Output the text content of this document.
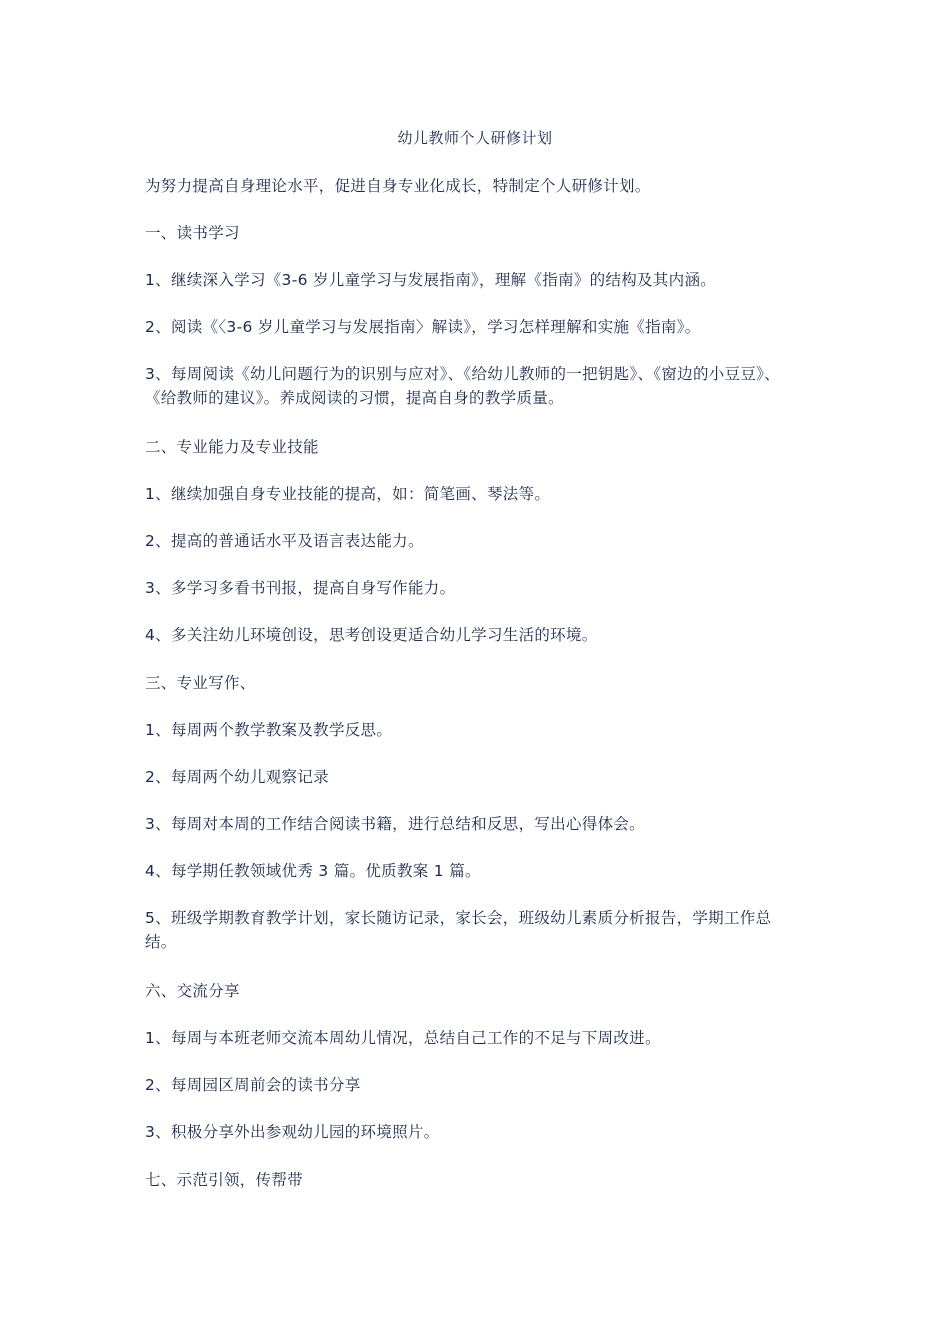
幼儿教师个人研修计划
为努力提高自身理论水平，促进自身专业化成长，特制定个人研修计划。
一、读书学习
1、继续深入学习《3-6 岁儿童学习与发展指南》，理解《指南》的结构及其内涵。
2、阅读《〈3-6 岁儿童学习与发展指南〉解读》，学习怎样理解和实施《指南》。
3、每周阅读《幼儿问题行为的识别与应对》、《给幼儿教师的一把钥匙》、《窗边的小豆豆》、《给教师的建议》。养成阅读的习惯，提高自身的教学质量。
二、专业能力及专业技能
1、继续加强自身专业技能的提高，如：简笔画、琴法等。
2、提高的普通话水平及语言表达能力。
3、多学习多看书刊报，提高自身写作能力。
4、多关注幼儿环境创设，思考创设更适合幼儿学习生活的环境。
三、专业写作、
1、每周两个教学教案及教学反思。
2、每周两个幼儿观察记录
3、每周对本周的工作结合阅读书籍，进行总结和反思，写出心得体会。
4、每学期任教领域优秀 3 篇。优质教案 1 篇。
5、班级学期教育教学计划，家长随访记录，家长会，班级幼儿素质分析报告，学期工作总结。
六、交流分享
1、每周与本班老师交流本周幼儿情况，总结自己工作的不足与下周改进。
2、每周园区周前会的读书分享
3、积极分享外出参观幼儿园的环境照片。
七、示范引领，传帮带
